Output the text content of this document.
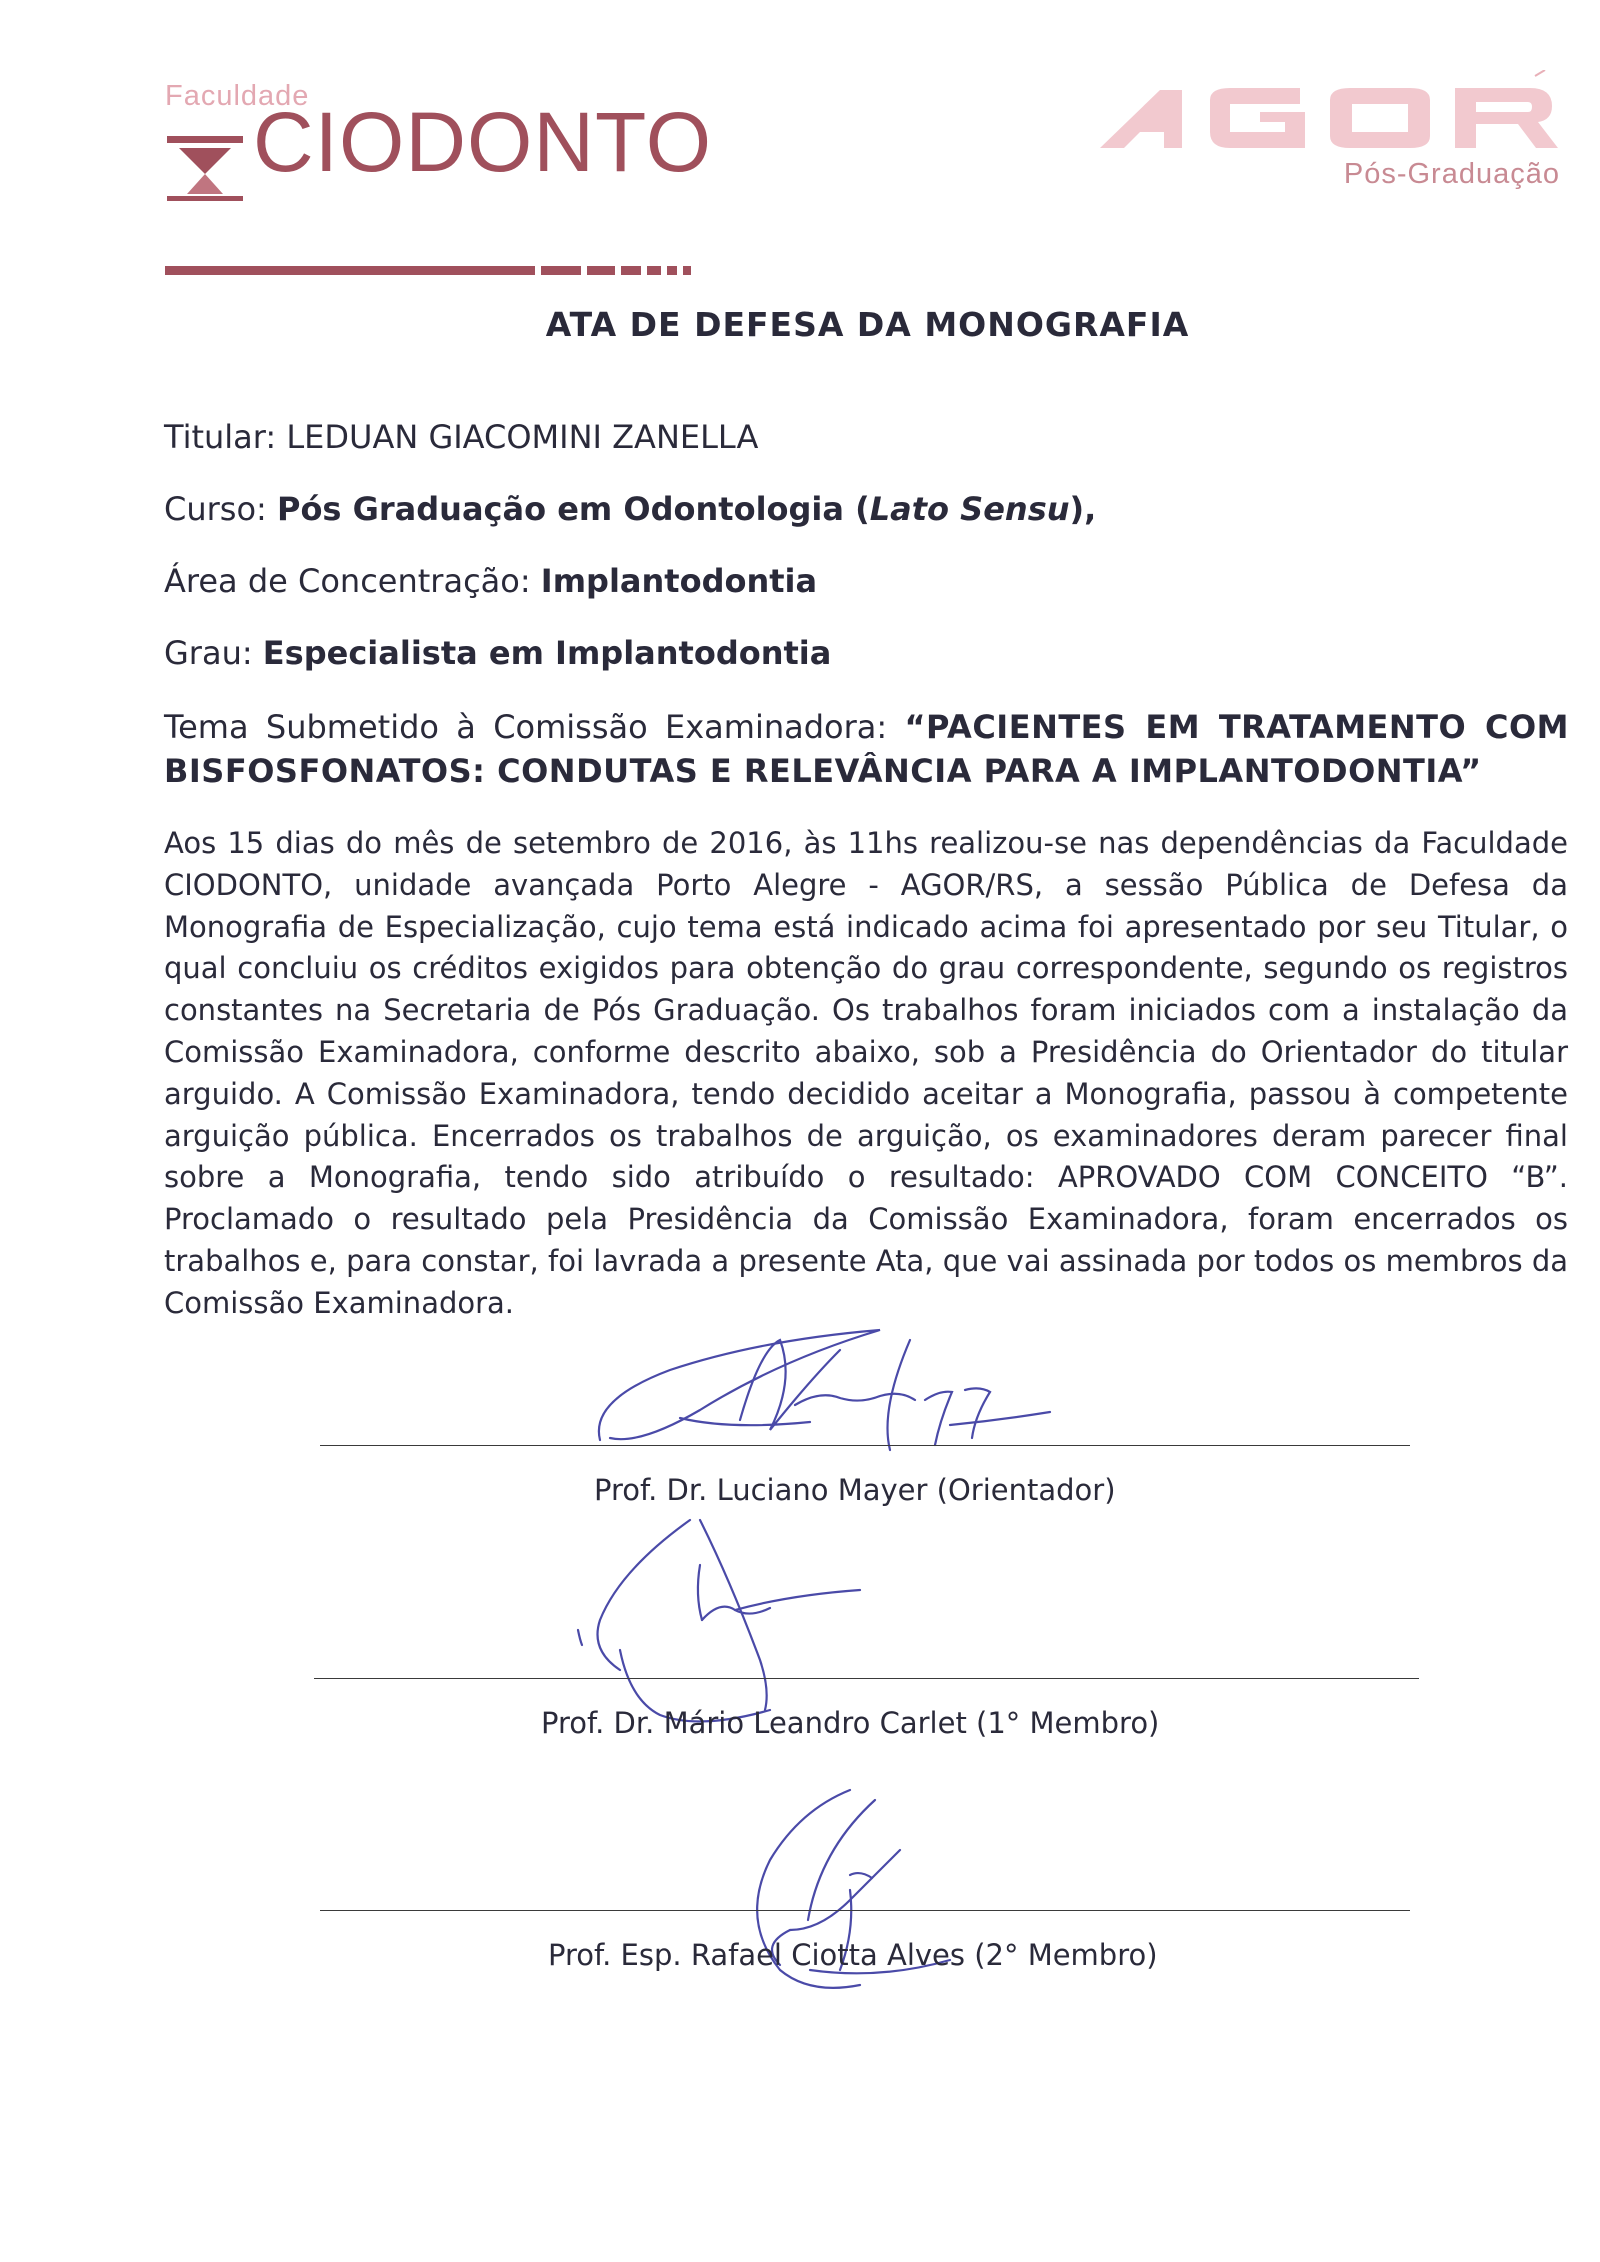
Faculdade
CIODONTO	Pós-Graduação
ATA DE DEFESA DA MONOGRAFIA
Titular: LEDUAN GIACOMINI ZANELLA
Curso: Pós Graduação em Odontologia (Lato Sensu),
Área de Concentração: Implantodontia
Grau: Especialista em Implantodontia
Tema Submetido à Comissão Examinadora: “PACIENTES EM TRATAMENTO COM BISFOSFONATOS: CONDUTAS E RELEVÂNCIA PARA A IMPLANTODONTIA”
Aos 15 dias do mês de setembro de 2016, às 11hs realizou-se nas dependências da Faculdade CIODONTO, unidade avançada Porto Alegre - AGOR/RS, a sessão Pública de Defesa da Monografia de Especialização, cujo tema está indicado acima foi apresentado por seu Titular, o qual concluiu os créditos exigidos para obtenção do grau correspondente, segundo os registros constantes na Secretaria de Pós Graduação. Os trabalhos foram iniciados com a instalação da Comissão Examinadora, conforme descrito abaixo, sob a Presidência do Orientador do titular arguido. A Comissão Examinadora, tendo decidido aceitar a Monografia, passou à competente arguição pública. Encerrados os trabalhos de arguição, os examinadores deram parecer final sobre a Monografia, tendo sido atribuído o resultado: APROVADO COM CONCEITO “B”. Proclamado o resultado pela Presidência da Comissão Examinadora, foram encerrados os trabalhos e, para constar, foi lavrada a presente Ata, que vai assinada por todos os membros da Comissão Examinadora.
Prof. Dr. Luciano Mayer (Orientador)
Prof. Dr. Mário Leandro Carlet (1° Membro)
Prof. Esp. Rafael Ciotta Alves (2° Membro)
